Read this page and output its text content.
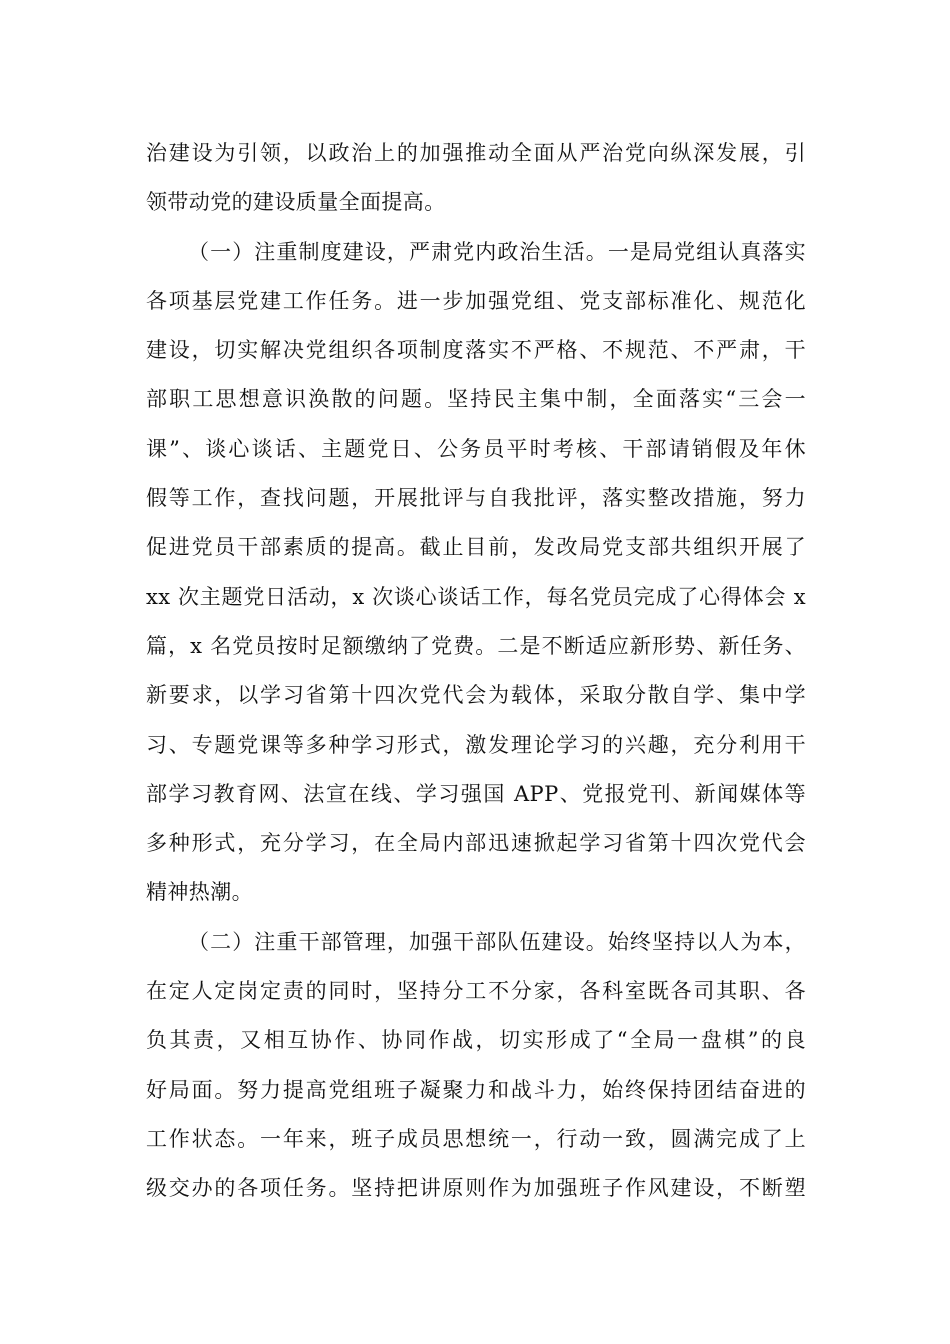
治建设为引领，以政治上的加强推动全面从严治党向纵深发展，引
领带动党的建设质量全面提高。
（一）注重制度建设，严肃党内政治生活。一是局党组认真落实
各项基层党建工作任务。进一步加强党组、党支部标准化、规范化
建设，切实解决党组织各项制度落实不严格、不规范、不严肃，干
部职工思想意识涣散的问题。坚持民主集中制，全面落实“三会一
课”、谈心谈话、主题党日、公务员平时考核、干部请销假及年休
假等工作，查找问题，开展批评与自我批评，落实整改措施，努力
促进党员干部素质的提高。截止目前，发改局党支部共组织开展了
xx 次主题党日活动，x 次谈心谈话工作，每名党员完成了心得体会 x
篇，x 名党员按时足额缴纳了党费。二是不断适应新形势、新任务、
新要求，以学习省第十四次党代会为载体，采取分散自学、集中学
习、专题党课等多种学习形式，激发理论学习的兴趣，充分利用干
部学习教育网、法宣在线、学习强国 APP、党报党刊、新闻媒体等
多种形式，充分学习，在全局内部迅速掀起学习省第十四次党代会
精神热潮。
（二）注重干部管理，加强干部队伍建设。始终坚持以人为本，
在定人定岗定责的同时，坚持分工不分家，各科室既各司其职、各
负其责，又相互协作、协同作战，切实形成了“全局一盘棋”的良
好局面。努力提高党组班子凝聚力和战斗力，始终保持团结奋进的
工作状态。一年来，班子成员思想统一，行动一致，圆满完成了上
级交办的各项任务。坚持把讲原则作为加强班子作风建设，不断塑
